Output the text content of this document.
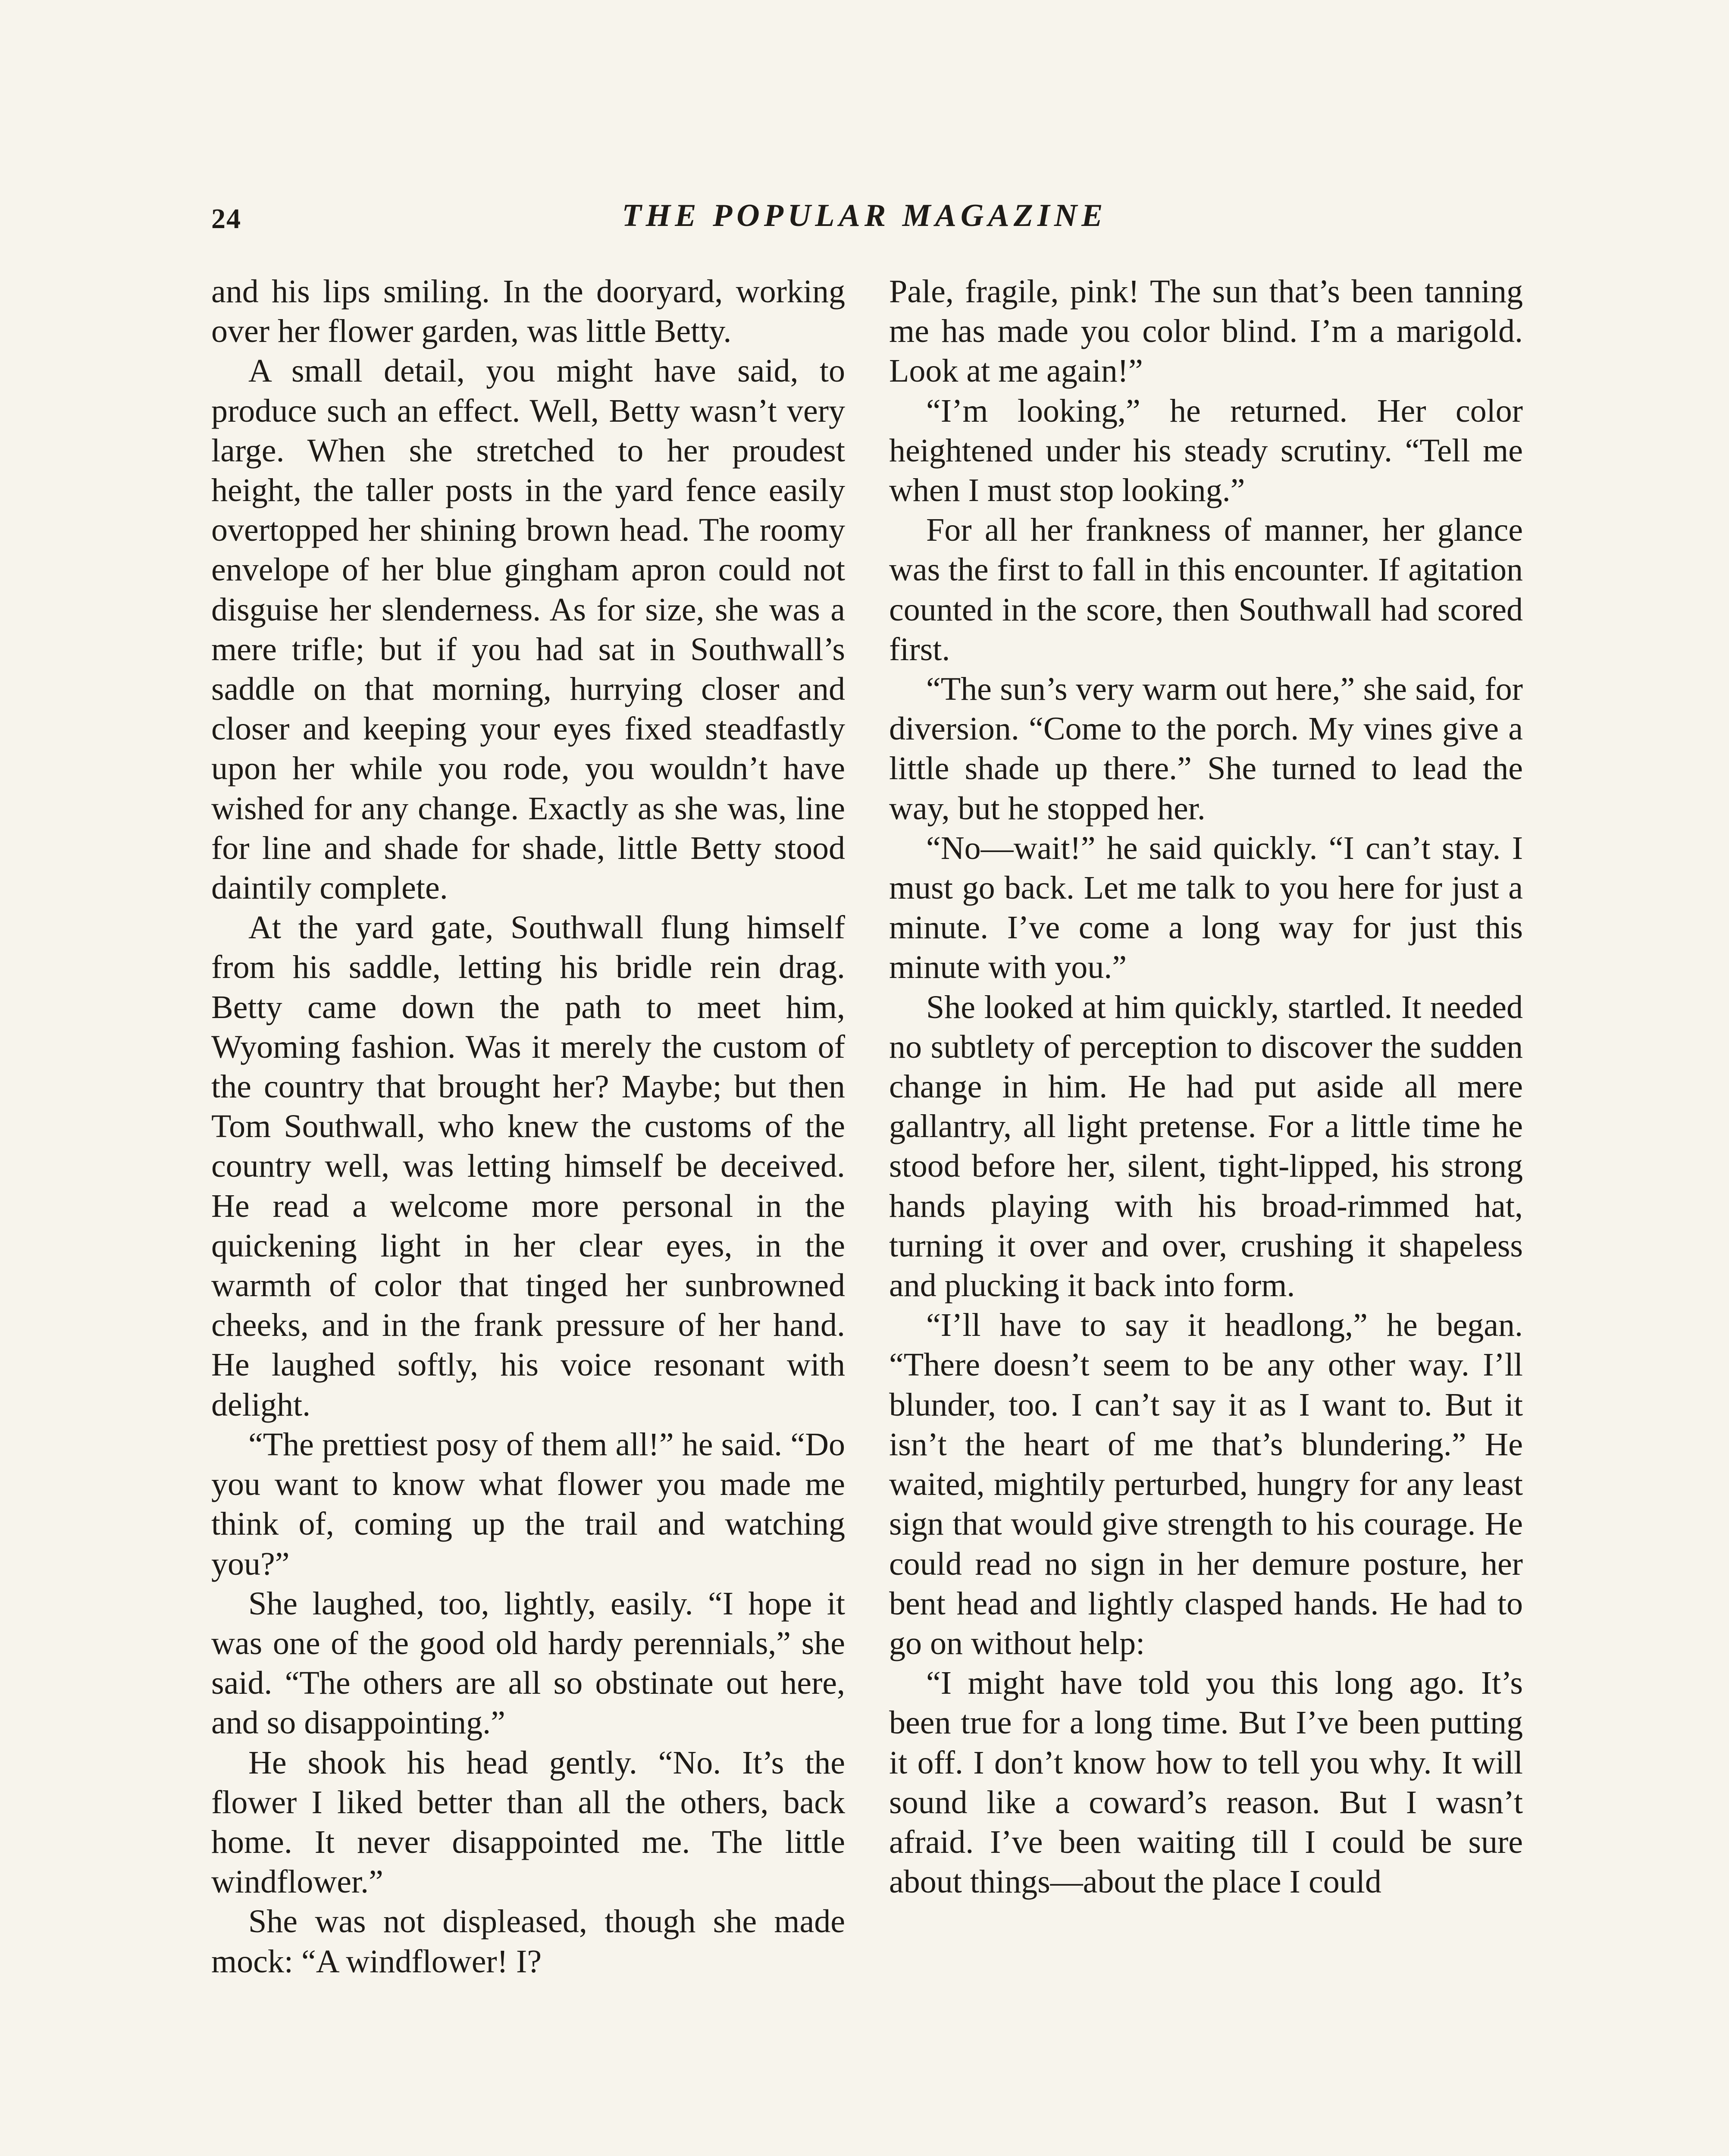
24	THE POPULAR MAGAZINE

and his lips smiling. In the dooryard, working over her flower garden, was little Betty.

A small detail, you might have said, to produce such an effect. Well, Betty wasn’t very large. When she stretched to her proudest height, the taller posts in the yard fence easily overtopped her shining brown head. The roomy envelope of her blue gingham apron could not disguise her slenderness. As for size, she was a mere trifle; but if you had sat in Southwall’s saddle on that morning, hurrying closer and closer and keeping your eyes fixed steadfastly upon her while you rode, you wouldn’t have wished for any change. Exactly as she was, line for line and shade for shade, little Betty stood daintily complete.

At the yard gate, Southwall flung himself from his saddle, letting his bridle rein drag. Betty came down the path to meet him, Wyoming fashion. Was it merely the custom of the country that brought her? Maybe; but then Tom Southwall, who knew the customs of the country well, was letting himself be deceived. He read a welcome more personal in the quickening light in her clear eyes, in the warmth of color that tinged her sunbrowned cheeks, and in the frank pressure of her hand. He laughed softly, his voice resonant with delight.

“The prettiest posy of them all!” he said. “Do you want to know what flower you made me think of, coming up the trail and watching you?”

She laughed, too, lightly, easily. “I hope it was one of the good old hardy perennials,” she said. “The others are all so obstinate out here, and so disappointing.”

He shook his head gently. “No. It’s the flower I liked better than all the others, back home. It never disappointed me. The little windflower.”

She was not displeased, though she made mock: “A windflower! I?

Pale, fragile, pink! The sun that’s been tanning me has made you color blind. I’m a marigold. Look at me again!”

“I’m looking,” he returned. Her color heightened under his steady scrutiny. “Tell me when I must stop looking.”

For all her frankness of manner, her glance was the first to fall in this encounter. If agitation counted in the score, then Southwall had scored first.

“The sun’s very warm out here,” she said, for diversion. “Come to the porch. My vines give a little shade up there.” She turned to lead the way, but he stopped her.

“No—wait!” he said quickly. “I can’t stay. I must go back. Let me talk to you here for just a minute. I’ve come a long way for just this minute with you.”

She looked at him quickly, startled. It needed no subtlety of perception to discover the sudden change in him. He had put aside all mere gallantry, all light pretense. For a little time he stood before her, silent, tight-lipped, his strong hands playing with his broad-rimmed hat, turning it over and over, crushing it shapeless and plucking it back into form.

“I’ll have to say it headlong,” he began. “There doesn’t seem to be any other way. I’ll blunder, too. I can’t say it as I want to. But it isn’t the heart of me that’s blundering.” He waited, mightily perturbed, hungry for any least sign that would give strength to his courage. He could read no sign in her demure posture, her bent head and lightly clasped hands. He had to go on without help:

“I might have told you this long ago. It’s been true for a long time. But I’ve been putting it off. I don’t know how to tell you why. It will sound like a coward’s reason. But I wasn’t afraid. I’ve been waiting till I could be sure about things—about the place I could
